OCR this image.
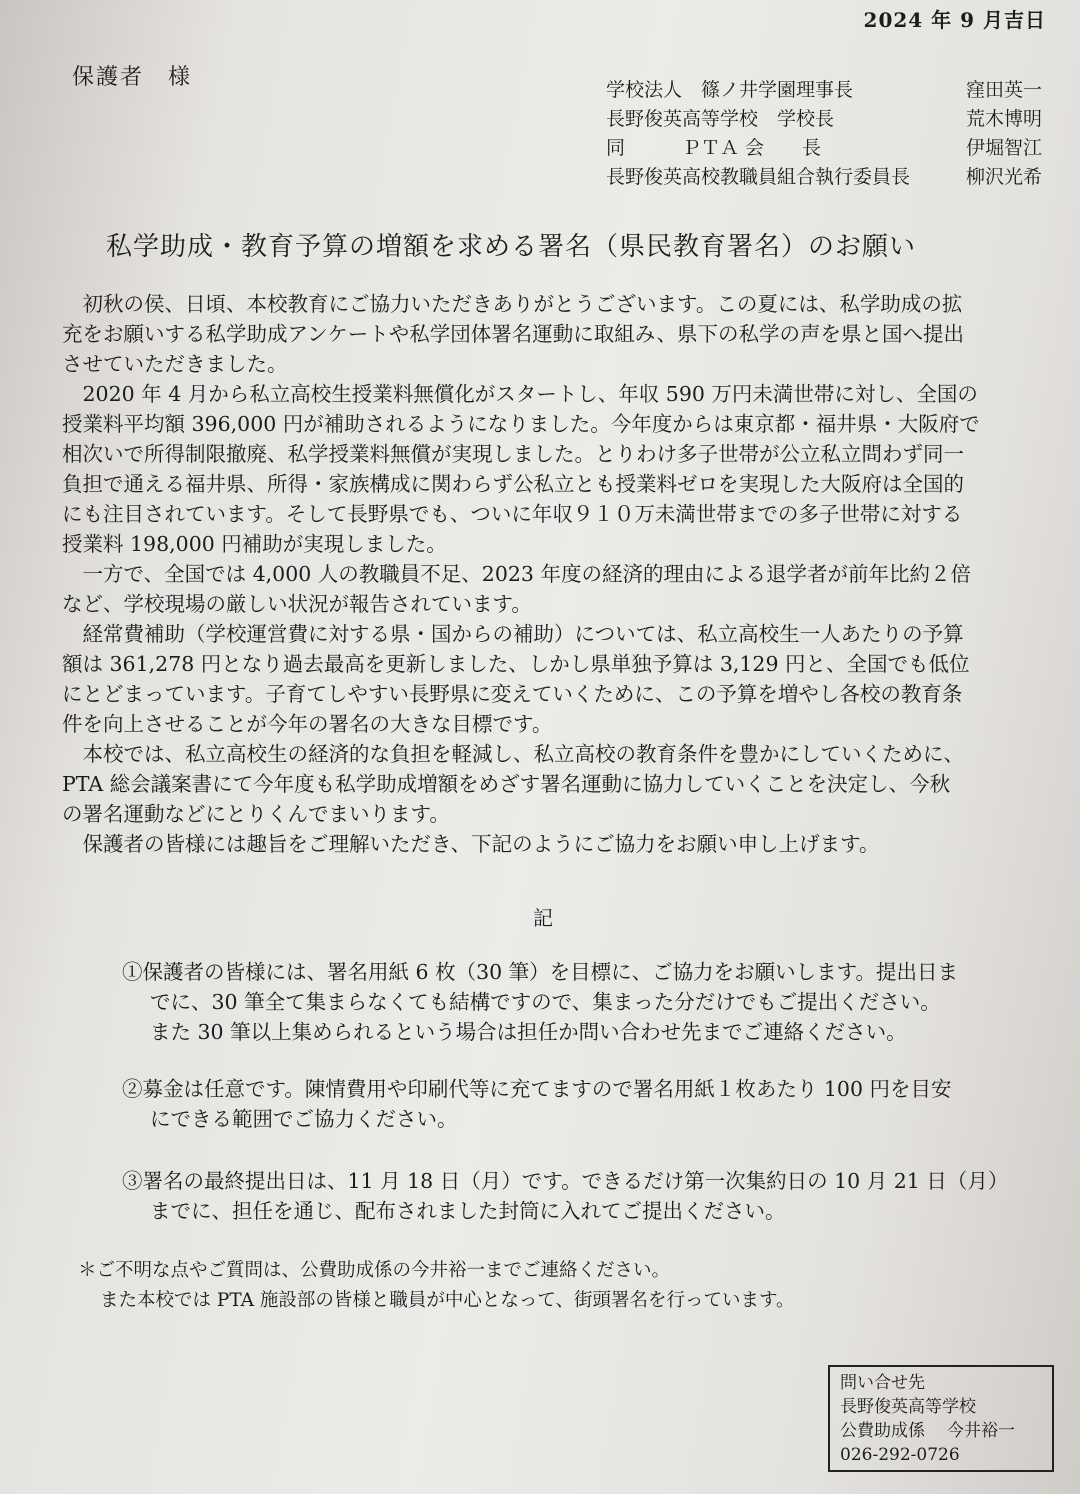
2024 年 9 月吉日
保護者　様	学校法人　篠ノ井学園理事長	窪田英一
長野俊英高等学校　学校長	荒木博明
同　　　ＰＴＡ 会　　長	伊堀智江
長野俊英高校教職員組合執行委員長	柳沢光希
私学助成・教育予算の増額を求める署名（県民教育署名）のお願い
初秋の侯、日頃、本校教育にご協力いただきありがとうございます。この夏には、私学助成の拡
充をお願いする私学助成アンケートや私学団体署名運動に取組み、県下の私学の声を県と国へ提出
させていただきました。
2020 年 4 月から私立高校生授業料無償化がスタートし、年収 590 万円未満世帯に対し、全国の
授業料平均額 396,000 円が補助されるようになりました。今年度からは東京都・福井県・大阪府で
相次いで所得制限撤廃、私学授業料無償が実現しました。とりわけ多子世帯が公立私立問わず同一
負担で通える福井県、所得・家族構成に関わらず公私立とも授業料ゼロを実現した大阪府は全国的
にも注目されています。そして長野県でも、ついに年収９１０万未満世帯までの多子世帯に対する
授業料 198,000 円補助が実現しました。
一方で、全国では 4,000 人の教職員不足、2023 年度の経済的理由による退学者が前年比約２倍
など、学校現場の厳しい状況が報告されています。
経常費補助（学校運営費に対する県・国からの補助）については、私立高校生一人あたりの予算
額は 361,278 円となり過去最高を更新しました、しかし県単独予算は 3,129 円と、全国でも低位
にとどまっています。子育てしやすい長野県に変えていくために、この予算を増やし各校の教育条
件を向上させることが今年の署名の大きな目標です。
本校では、私立高校生の経済的な負担を軽減し、私立高校の教育条件を豊かにしていくために、
PTA 総会議案書にて今年度も私学助成増額をめざす署名運動に協力していくことを決定し、今秋
の署名運動などにとりくんでまいります。
保護者の皆様には趣旨をご理解いただき、下記のようにご協力をお願い申し上げます。
記
①保護者の皆様には、署名用紙 6 枚（30 筆）を目標に、ご協力をお願いします。提出日ま
でに、30 筆全て集まらなくても結構ですので、集まった分だけでもご提出ください。
また 30 筆以上集められるという場合は担任か問い合わせ先までご連絡ください。
②募金は任意です。陳情費用や印刷代等に充てますので署名用紙１枚あたり 100 円を目安
にできる範囲でご協力ください。
③署名の最終提出日は、11 月 18 日（月）です。できるだけ第一次集約日の 10 月 21 日（月）
までに、担任を通じ、配布されました封筒に入れてご提出ください。
＊ご不明な点やご質問は、公費助成係の今井裕一までご連絡ください。
また本校では PTA 施設部の皆様と職員が中心となって、街頭署名を行っています。
問い合せ先
長野俊英高等学校
公費助成係 今井裕一
026-292-0726
